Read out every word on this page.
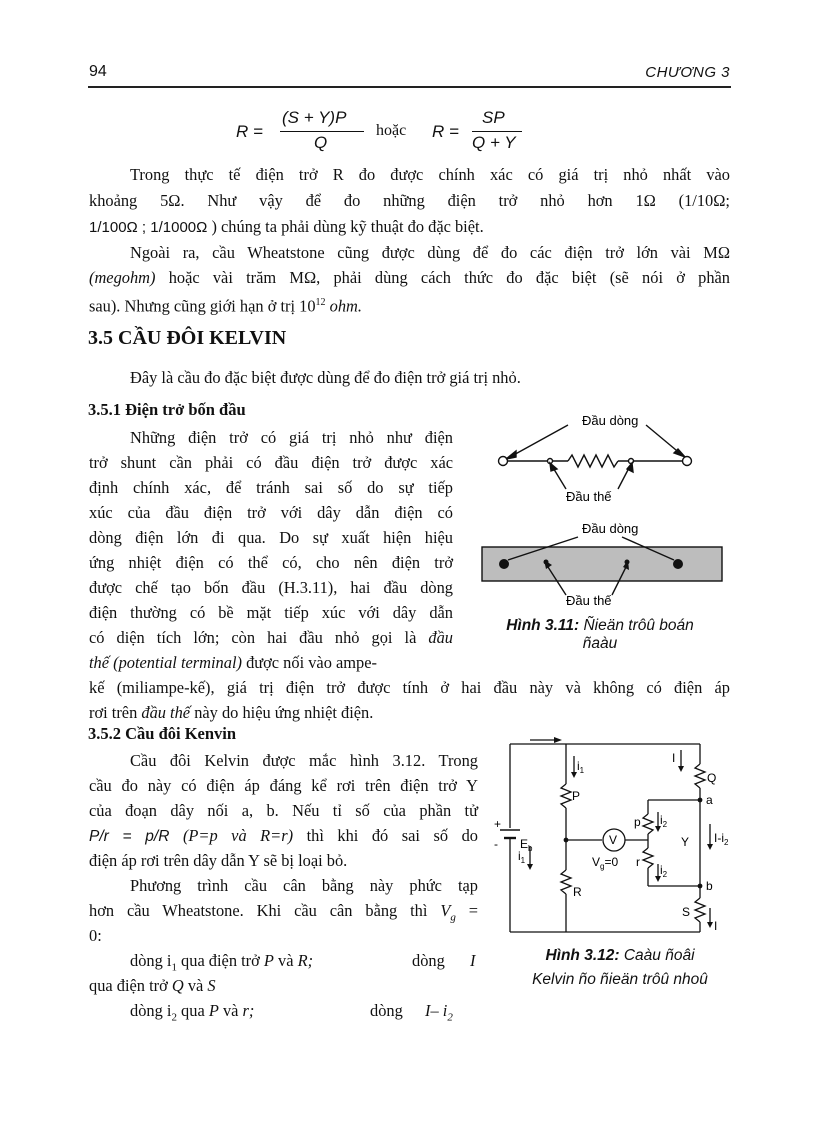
94	CHƯƠNG 3
R =
(S + Y)P
Q
hoặc R =
SP
Q + Y
Trong thực tế điện trở R đo được chính xác có giá trị nhỏ nhất vào
khoảng 5Ω. Như vậy để đo những điện trở nhỏ hơn 1Ω (1/10Ω;
1/100Ω ; 1/1000Ω ) chúng ta phải dùng kỹ thuật đo đặc biệt.
Ngoài ra, cầu Wheatstone cũng được dùng để đo các điện trở lớn vài MΩ
(megohm) hoặc vài trăm MΩ, phải dùng cách thức đo đặc biệt (sẽ nói ở phần
sau). Nhưng cũng giới hạn ở trị $10^{12}$ ohm.
3.5 CẦU ĐÔI KELVIN
Đây là cầu đo đặc biệt được dùng để đo điện trở giá trị nhỏ.
3.5.1 Điện trở bốn đầu
Những điện trở có giá trị nhỏ như điện
trở shunt cần phải có đầu điện trở được xác
định chính xác, để tránh sai số do sự tiếp
xúc của đầu điện trở với dây dẫn điện có
dòng điện lớn đi qua. Do sự xuất hiện hiệu
ứng nhiệt điện có thể có, cho nên điện trở
được chế tạo bốn đầu (H.3.11), hai đầu dòng
điện thường có bề mặt tiếp xúc với dây dẫn
có diện tích lớn; còn hai đầu nhỏ gọi là đầu
thế (potential terminal) được nối vào ampe-
kế (miliampe-kế), giá trị điện trở được tính ở hai đầu này và không có điện áp
rơi trên đầu thế này do hiệu ứng nhiệt điện.
Đầu dòng
Đầu thế
Đầu dòng
Đầu thế
Hình 3.11: Ñieän trôû boán
ñaàu
3.5.2 Cầu đôi Kenvin
Cầu đôi Kelvin được mắc hình 3.12. Trong
cầu đo này có điện áp đáng kể rơi trên điện trở Y
của đoạn dây nối a, b. Nếu tỉ số của phần tử
P/r = p/R (P=p và R=r) thì khi đó sai số do
điện áp rơi trên dây dẫn Y sẽ bị loại bỏ.
Phương trình cầu cân bằng này phức tạp
hơn cầu Wheatstone. Khi cầu cân bằng thì $V_g$ =
0:
dòng $i_1$ qua điện trở P và R;	dòng I
qua điện trở Q và S
dòng $i_2$ qua P và r;	dòng I– $i_2$
$i_1$
I
Q
a
P
p $i_2$
Y $I-i_2$
V
$V_g=0$ r
$i_2$
+
- $E_b$
$i_1$
R	b
S
I
Hình 3.12: Caàu ñoâi
Kelvin ño ñieän trôû nhoû
